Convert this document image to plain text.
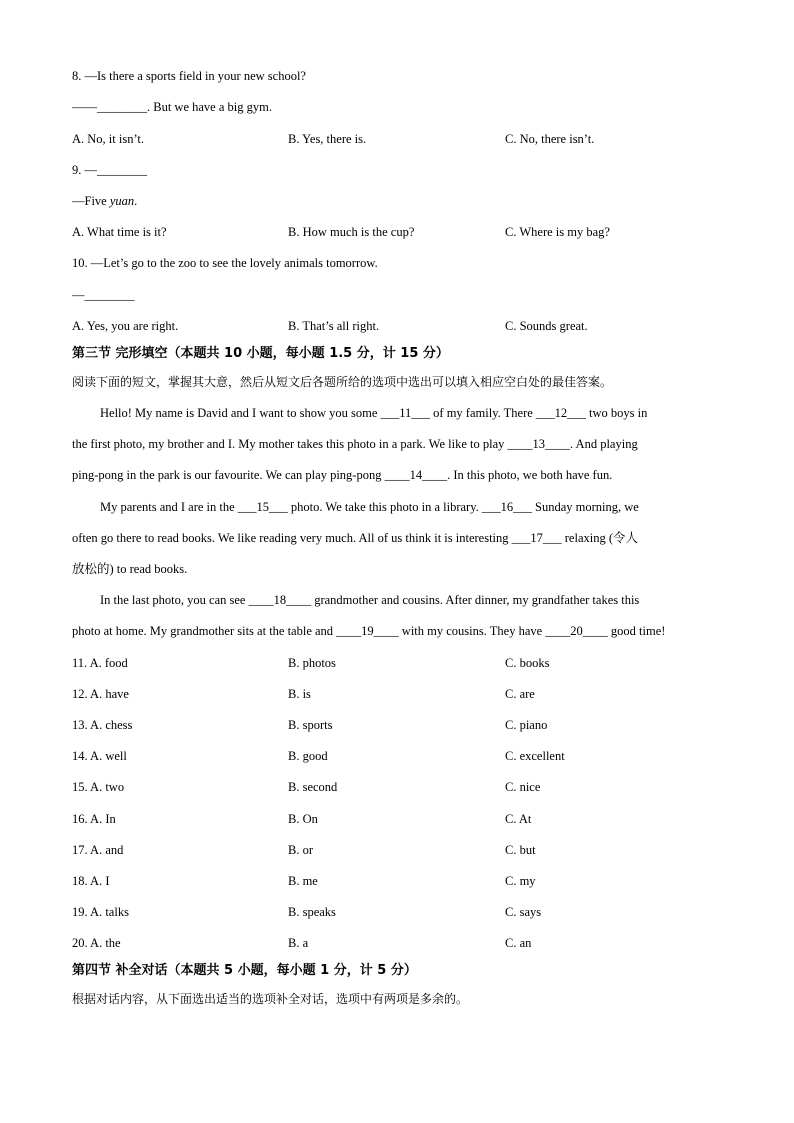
8. —Is there a sports field in your new school?
——________. But we have a big gym.
A. No, it isn’t.	B. Yes, there is.	C. No, there isn’t.
9. —________
—Five yuan.
A. What time is it?	B. How much is the cup?	C. Where is my bag?
10. —Let’s go to the zoo to see the lovely animals tomorrow.
—________
A. Yes, you are right.	B. That’s all right.	C. Sounds great.
第三节 完形填空（本题共 10 小题，每小题 1.5 分，计 15 分）
阅读下面的短文，掌握其大意，然后从短文后各题所给的选项中选出可以填入相应空白处的最佳答案。
Hello! My name is David and I want to show you some ___11___ of my family. There ___12___ two boys in
the first photo, my brother and I. My mother takes this photo in a park. We like to play ____13____. And playing
ping-pong in the park is our favourite. We can play ping-pong ____14____. In this photo, we both have fun.
My parents and I are in the ___15___ photo. We take this photo in a library. ___16___ Sunday morning, we
often go there to read books. We like reading very much. All of us think it is interesting ___17___ relaxing (令人
放松的) to read books.
In the last photo, you can see ____18____ grandmother and cousins. After dinner, my grandfather takes this
photo at home. My grandmother sits at the table and ____19____ with my cousins. They have ____20____ good time!
11. A. food	B. photos	C. books
12. A. have	B. is	C. are
13. A. chess	B. sports	C. piano
14. A. well	B. good	C. excellent
15. A. two	B. second	C. nice
16. A. In	B. On	C. At
17. A. and	B. or	C. but
18. A. I	B. me	C. my
19. A. talks	B. speaks	C. says
20. A. the	B. a	C. an
第四节 补全对话（本题共 5 小题，每小题 1 分，计 5 分）
根据对话内容，从下面选出适当的选项补全对话，选项中有两项是多余的。
